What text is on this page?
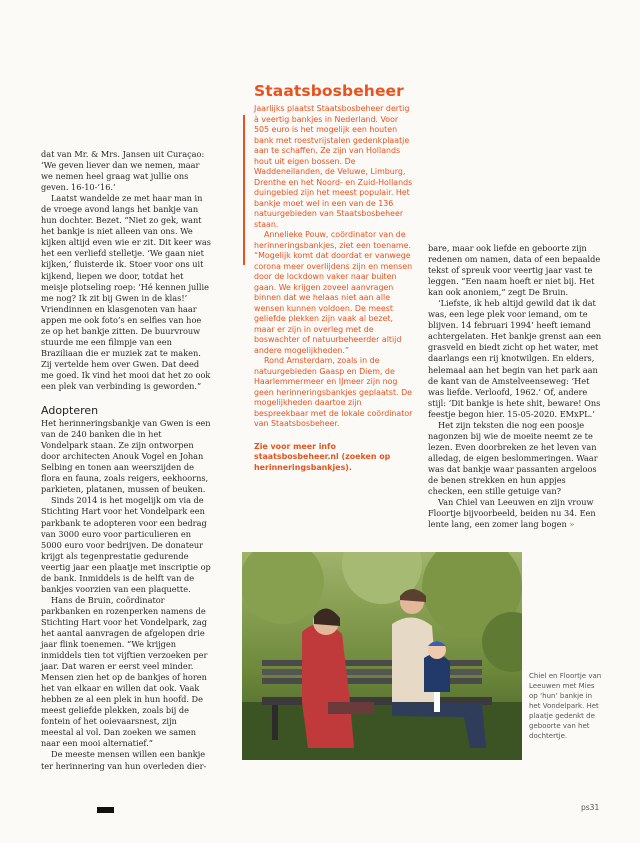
dat van Mr. & Mrs. Jansen uit Curaçao: ‘We geven liever dan we nemen, maar we nemen heel graag wat jullie ons geven. 16-10-’16.’

Laatst wandelde ze met haar man in de vroege avond langs het bankje van hun dochter. Bezet. “Niet zo gek, want het bankje is niet alleen van ons. We kijken altijd even wie er zit. Dit keer was het een verliefd stelletje. ‘We gaan niet kijken,’ fluisterde ik. Stoer voor ons uit kijkend, liepen we door, totdat het meisje plotseling roep: ‘Hé kennen jullie me nog? Ik zit bij Gwen in de klas!’ Vriendinnen en klasgenoten van haar appen me ook foto’s en selfies van hoe ze op het bankje zitten. De buurvrouw stuurde me een filmpje van een Braziliaan die er muziek zat te maken. Zij vertelde hem over Gwen. Dat deed me goed. Ik vind het mooi dat het zo ook een plek van verbinding is geworden.”

Adopteren

Het herinneringsbankje van Gwen is een van de 240 banken die in het Vondelpark staan. Ze zijn ontworpen door architecten Anouk Vogel en Johan Selbing en tonen aan weerszijden de flora en fauna, zoals reigers, eekhoorns, parkieten, platanen, mussen of beuken.

Sinds 2014 is het mogelijk om via de Stichting Hart voor het Vondelpark een parkbank te adopteren voor een bedrag van 3000 euro voor particulieren en 5000 euro voor bedrijven. De donateur krijgt als tegenprestatie gedurende veertig jaar een plaatje met inscriptie op de bank. Inmiddels is de helft van de bankjes voorzien van een plaquette.

Hans de Bruin, coördinator parkbanken en rozenperken namens de Stichting Hart voor het Vondelpark, zag het aantal aanvragen de afgelopen drie jaar flink toenemen. “We krijgen inmiddels tien tot vijftien verzoeken per jaar. Dat waren er eerst veel minder. Mensen zien het op de bankjes of horen het van elkaar en willen dat ook. Vaak hebben ze al een plek in hun hoofd. De meest geliefde plekken, zoals bij de fontein of het ooievaarsnest, zijn meestal al vol. Dan zoeken we samen naar een mooi alternatief.”

De meeste mensen willen een bankje ter herinnering van hun overleden dier-

Staatsbosbeheer

Jaarlijks plaatst Staatsbosbeheer dertig à veertig bankjes in Nederland. Voor 505 euro is het mogelijk een houten bank met roestvrijstalen gedenkplaatje aan te schaffen. Ze zijn van Hollands hout uit eigen bossen. De Waddeneilanden, de Veluwe, Limburg, Drenthe en het Noord- en Zuid-Hollands duingebied zijn het meest populair. Het bankje moet wel in een van de 136 natuurgebieden van Staatsbosbeheer staan.

Annelieke Pouw, coördinator van de herinneringsbankjes, ziet een toename. “Mogelijk komt dat doordat er vanwege corona meer overlijdens zijn en mensen door de lockdown vaker naar buiten gaan. We krijgen zoveel aanvragen binnen dat we helaas niet aan alle wensen kunnen voldoen. De meest geliefde plekken zijn vaak al bezet, maar er zijn in overleg met de boswachter of natuurbeheerder altijd andere mogelijkheden.”

Rond Amsterdam, zoals in de natuurgebieden Gaasp en Diem, de Haarlemmermeer en IJmeer zijn nog geen herinneringsbankjes geplaatst. De mogelijkheden daartoe zijn bespreekbaar met de lokale coördinator van Staatsbosbeheer.

Zie voor meer info staatsbosbeheer.nl (zoeken op herinneringsbankjes).

bare, maar ook liefde en geboorte zijn redenen om namen, data of een bepaalde tekst of spreuk voor veertig jaar vast te leggen. “Een naam hoeft er niet bij. Het kan ook anoniem,” zegt De Bruin.

‘Liefste, ik heb altijd gewild dat ik dat was, een lege plek voor iemand, om te blijven. 14 februari 1994’ heeft iemand achtergelaten. Het bankje grenst aan een grasveld en biedt zicht op het water, met daarlangs een rij knotwilgen. En elders, helemaal aan het begin van het park aan de kant van de Amstelveenseweg: ‘Het was liefde. Verloofd, 1962.’ Of, andere stijl: ‘Dit bankje is hete shit, beware! Ons feestje begon hier. 15-05-2020. EMxPL.’

Het zijn teksten die nog een poosje nagonzen bij wie de moeite neemt ze te lezen. Even doorbreken ze het leven van alledag, de eigen beslommeringen. Waar was dat bankje waar passanten argeloos de benen strekken en hun appjes checken, een stille getuige van?

Van Chiel van Leeuwen en zijn vrouw Floortje bijvoorbeeld, beiden nu 34. Een lente lang, een zomer lang bogen »

Chiel en Floortje van Leeuwen met Mies op ‘hun’ bankje in het Vondelpark. Het plaatje gedenkt de geboorte van het dochtertje.
ps31
